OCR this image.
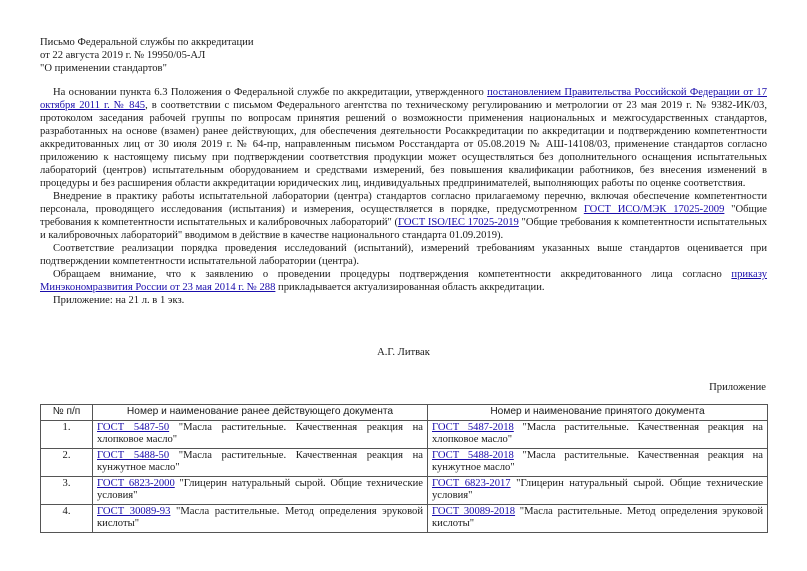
Письмо Федеральной службы по аккредитации
от 22 августа 2019 г. № 19950/05-АЛ
"О применении стандартов"

На основании пункта 6.3 Положения о Федеральной службе по аккредитации, утвержденного постановлением Правительства Российской Федерации от 17 октября 2011 г. № 845, в соответствии с письмом Федерального агентства по техническому регулированию и метрологии от 23 мая 2019 г. № 9382-ИК/03, протоколом заседания рабочей группы по вопросам принятия решений о возможности применения национальных и межгосударственных стандартов, разработанных на основе (взамен) ранее действующих, для обеспечения деятельности Росаккредитации по аккредитации и подтверждению компетентности аккредитованных лиц от 30 июля 2019 г. № 64-пр, направленным письмом Росстандарта от 05.08.2019 № АШ-14108/03, применение стандартов согласно приложению к настоящему письму при подтверждении соответствия продукции может осуществляться без дополнительного оснащения испытательных лабораторий (центров) испытательным оборудованием и средствами измерений, без повышения квалификации работников, без внесения изменений в процедуры и без расширения области аккредитации юридических лиц, индивидуальных предпринимателей, выполняющих работы по оценке соответствия.

Внедрение в практику работы испытательной лаборатории (центра) стандартов согласно прилагаемому перечню, включая обеспечение компетентности персонала, проводящего исследования (испытания) и измерения, осуществляется в порядке, предусмотренном ГОСТ ИСО/МЭК 17025-2009 "Общие требования к компетентности испытательных и калибровочных лабораторий" (ГОСТ ISO/IEC 17025-2019 "Общие требования к компетентности испытательных и калибровочных лабораторий" вводимом в действие в качестве национального стандарта 01.09.2019).

Соответствие реализации порядка проведения исследований (испытаний), измерений требованиям указанных выше стандартов оценивается при подтверждении компетентности испытательной лаборатории (центра).

Обращаем внимание, что к заявлению о проведении процедуры подтверждения компетентности аккредитованного лица согласно приказу Минэкономразвития России от 23 мая 2014 г. № 288 прикладывается актуализированная область аккредитации.

Приложение: на 21 л. в 1 экз.

А.Г. Литвак
Приложение
№ п/п	Номер и наименование ранее действующего документа	Номер и наименование принятого документа
1.	ГОСТ 5487-50 "Масла растительные. Качественная реакция на хлопковое масло"	ГОСТ 5487-2018 "Масла растительные. Качественная реакция на хлопковое масло"
2.	ГОСТ 5488-50 "Масла растительные. Качественная реакция на кунжутное масло"	ГОСТ 5488-2018 "Масла растительные. Качественная реакция на кунжутное масло"
3.	ГОСТ 6823-2000 "Глицерин натуральный сырой. Общие технические условия"	ГОСТ 6823-2017 "Глицерин натуральный сырой. Общие технические условия"
4.	ГОСТ 30089-93 "Масла растительные. Метод определения эруковой кислоты"	ГОСТ 30089-2018 "Масла растительные. Метод определения эруковой кислоты"
